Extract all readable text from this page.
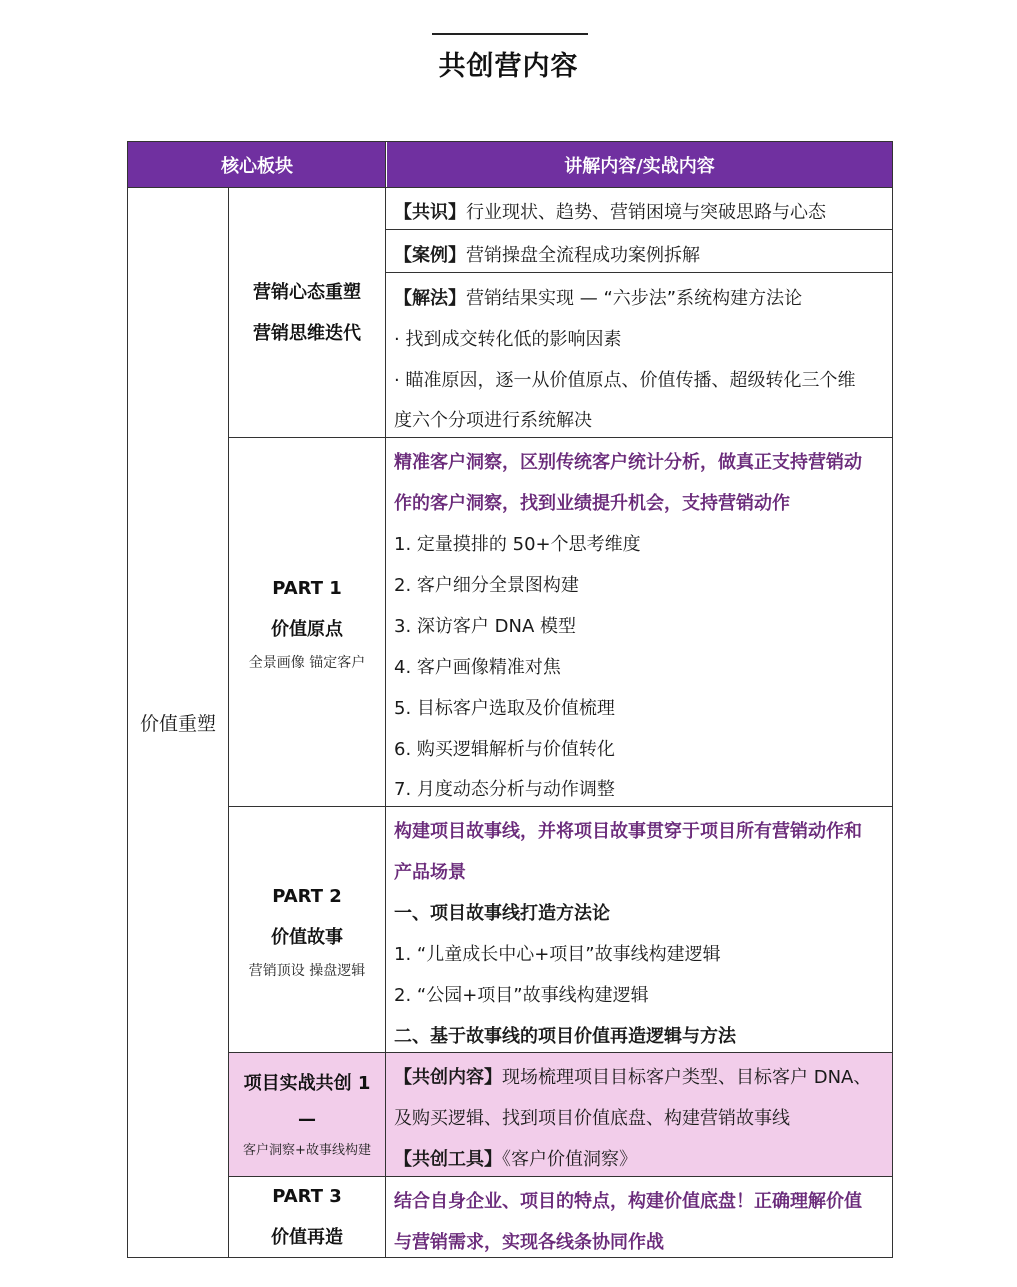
共创营内容
核心板块	讲解内容/实战内容
价值重塑
营销心态重塑
营销思维迭代
【共识】行业现状、趋势、营销困境与突破思路与心态
【案例】营销操盘全流程成功案例拆解
【解法】营销结果实现 — “六步法”系统构建方法论
· 找到成交转化低的影响因素
· 瞄准原因，逐一从价值原点、价值传播、超级转化三个维
度六个分项进行系统解决
PART 1
价值原点
全景画像 锚定客户
精准客户洞察，区别传统客户统计分析，做真正支持营销动
作的客户洞察，找到业绩提升机会，支持营销动作
1. 定量摸排的 50+个思考维度
2. 客户细分全景图构建
3. 深访客户 DNA 模型
4. 客户画像精准对焦
5. 目标客户选取及价值梳理
6. 购买逻辑解析与价值转化
7. 月度动态分析与动作调整
PART 2
价值故事
营销顶设 操盘逻辑
构建项目故事线，并将项目故事贯穿于项目所有营销动作和
产品场景
一、项目故事线打造方法论
1. “儿童成长中心+项目”故事线构建逻辑
2. “公园+项目”故事线构建逻辑
二、基于故事线的项目价值再造逻辑与方法
项目实战共创 1
—
客户洞察+故事线构建
【共创内容】现场梳理项目目标客户类型、目标客户 DNA、
及购买逻辑、找到项目价值底盘、构建营销故事线
【共创工具】《客户价值洞察》
PART 3
价值再造
结合自身企业、项目的特点，构建价值底盘！正确理解价值
与营销需求，实现各线条协同作战
